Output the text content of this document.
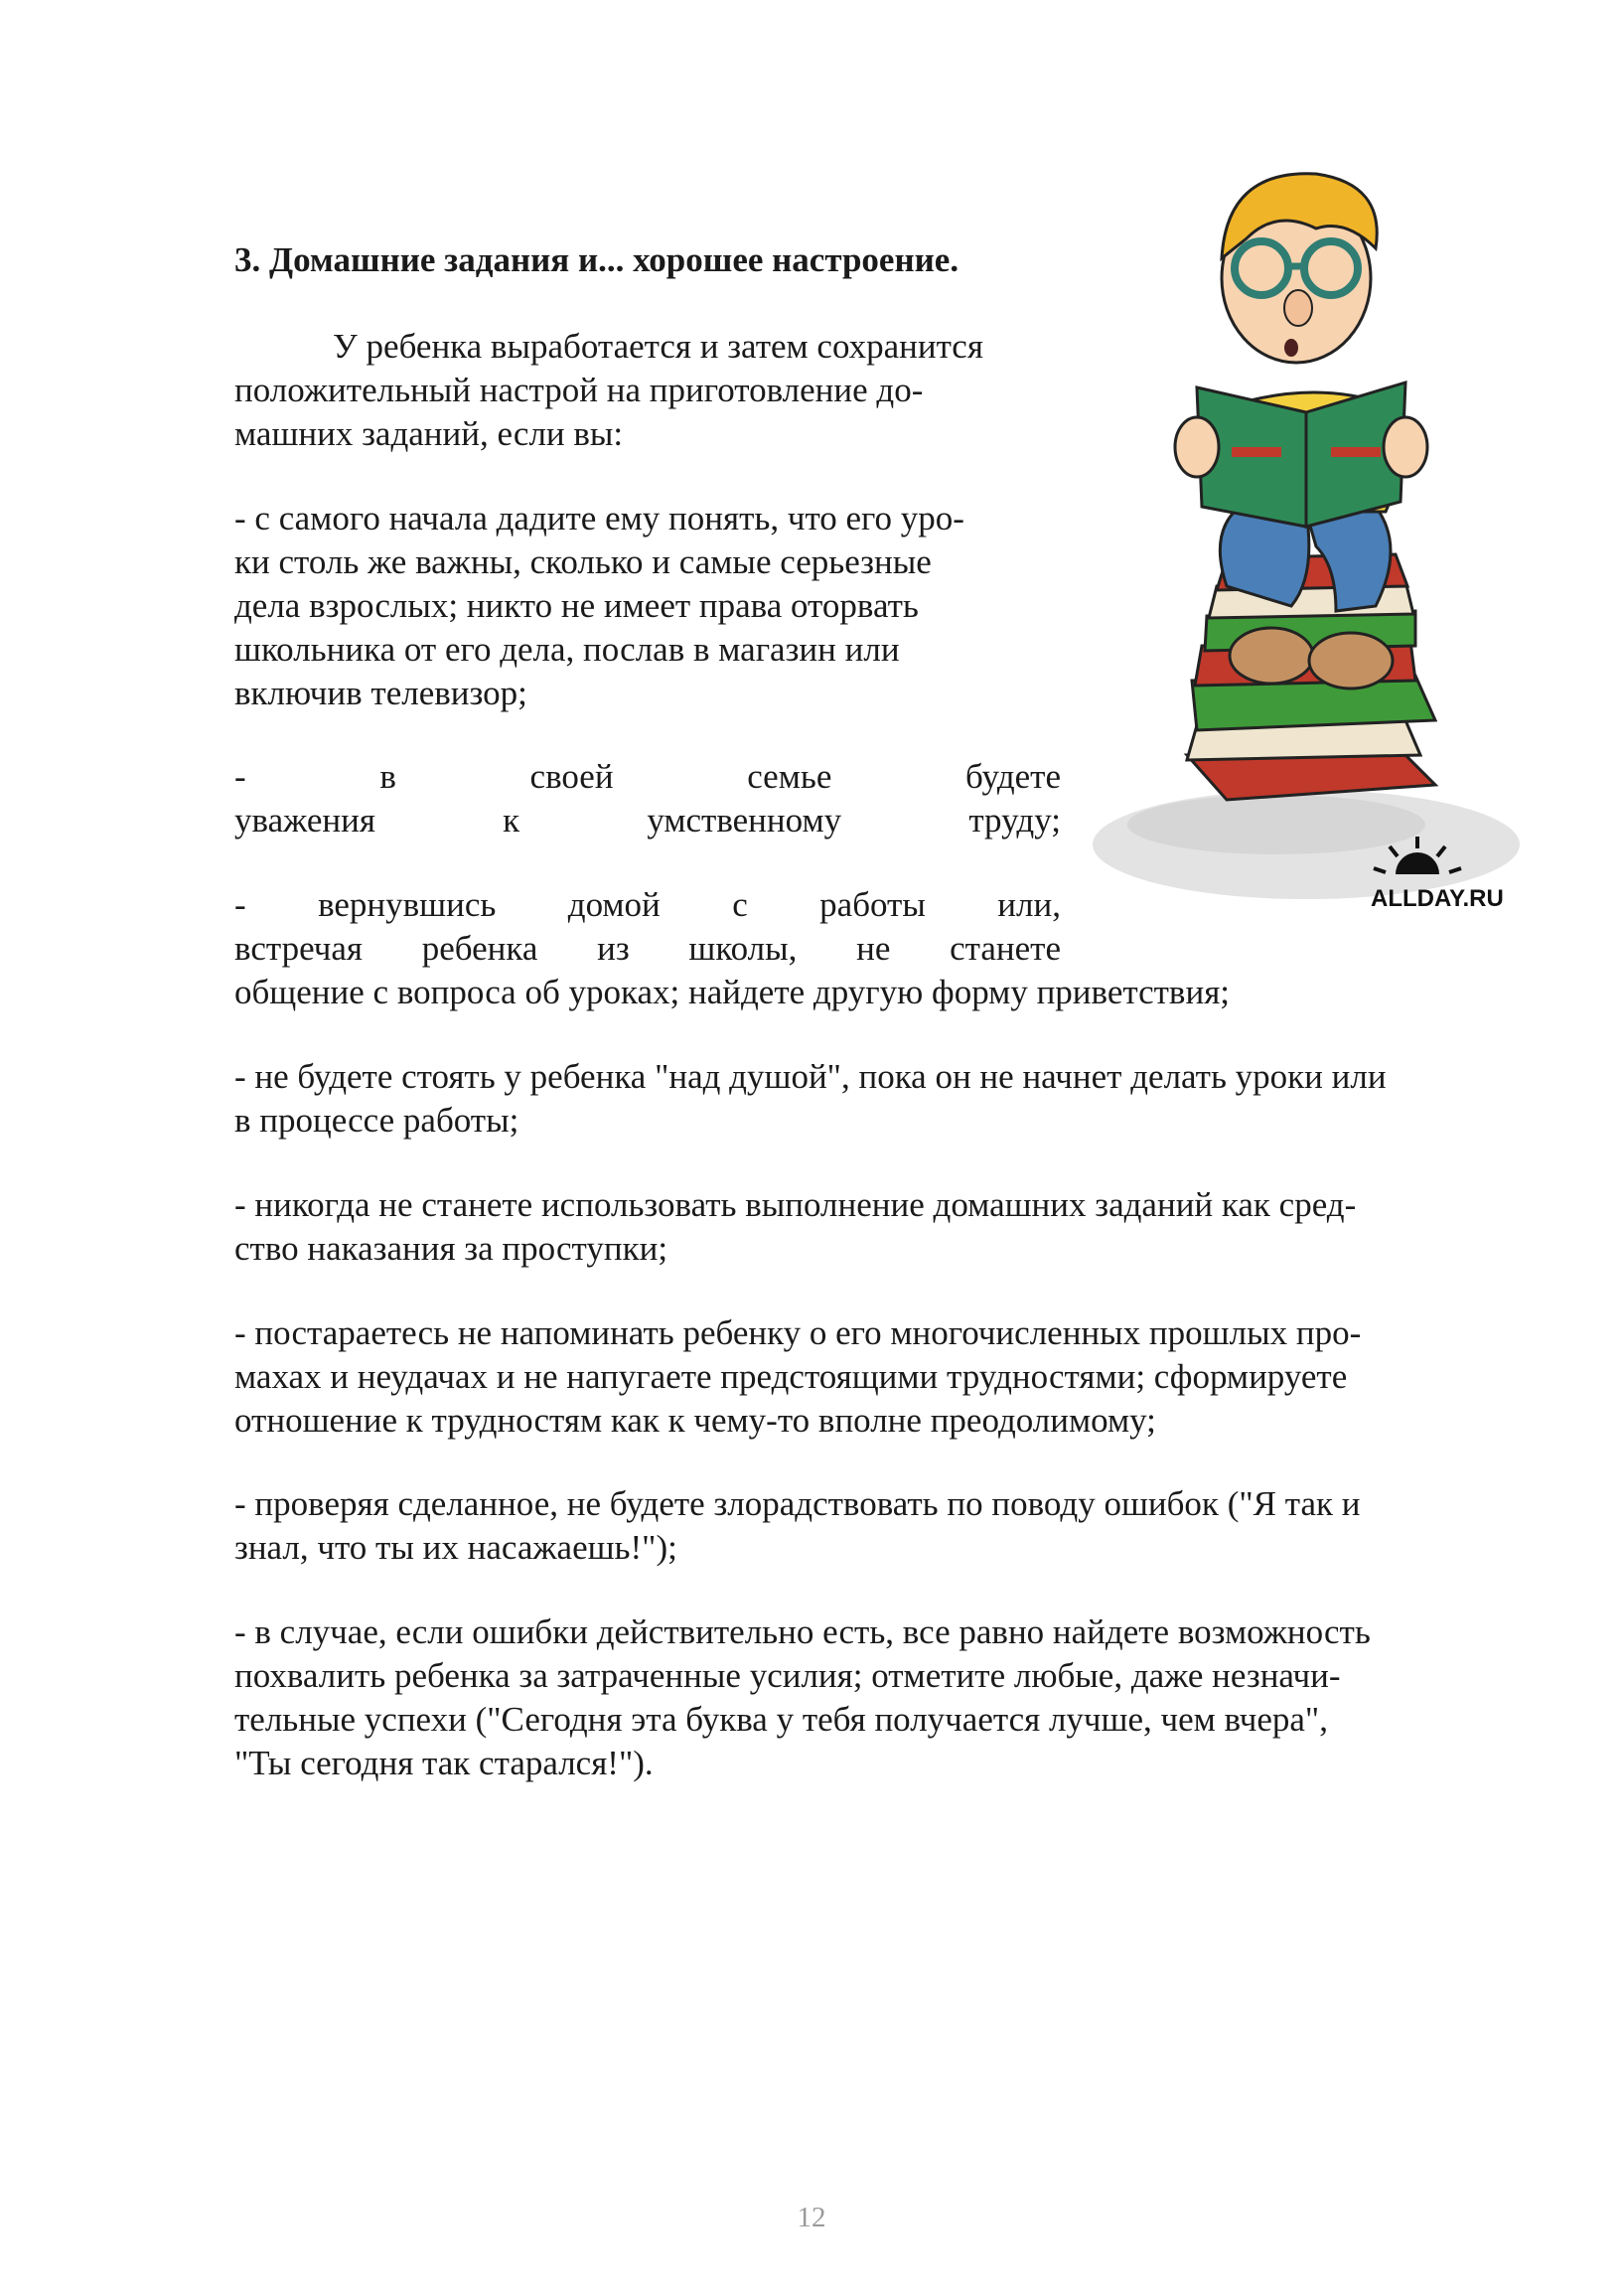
3. Домашние задания и... хорошее настроение.
У ребенка выработается и затем сохранится
положительный настрой на приготовление до-
машних заданий, если вы:
- с самого начала дадите ему понять, что его уро-
ки столь же важны, сколько и самые серьезные
дела взрослых; никто не имеет права оторвать
школьника от его дела, послав в магазин или
включив телевизор;
-	в	своей	семье	будете
уважения	к	умственному	труду;
- вернувшись домой с работы или,
встречая ребенка из школы, не станете
общение с вопроса об уроках; найдете другую форму приветствия;
- не будете стоять у ребенка "над душой", пока он не начнет делать уроки или
в процессе работы;
- никогда не станете использовать выполнение домашних заданий как сред-
ство наказания за проступки;
- постараетесь не напоминать ребенку о его многочисленных прошлых про-
махах и неудачах и не напугаете предстоящими трудностями; сформируете
отношение к трудностям как к чему-то вполне преодолимому;
- проверяя сделанное, не будете злорадствовать по поводу ошибок ("Я так и
знал, что ты их насажаешь!");
- в случае, если ошибки действительно есть, все равно найдете возможность
похвалить ребенка за затраченные усилия; отметите любые, даже незначи-
тельные успехи ("Сегодня эта буква у тебя получается лучше, чем вчера",
"Ты сегодня так старался!").
ALLDAY.RU
12
